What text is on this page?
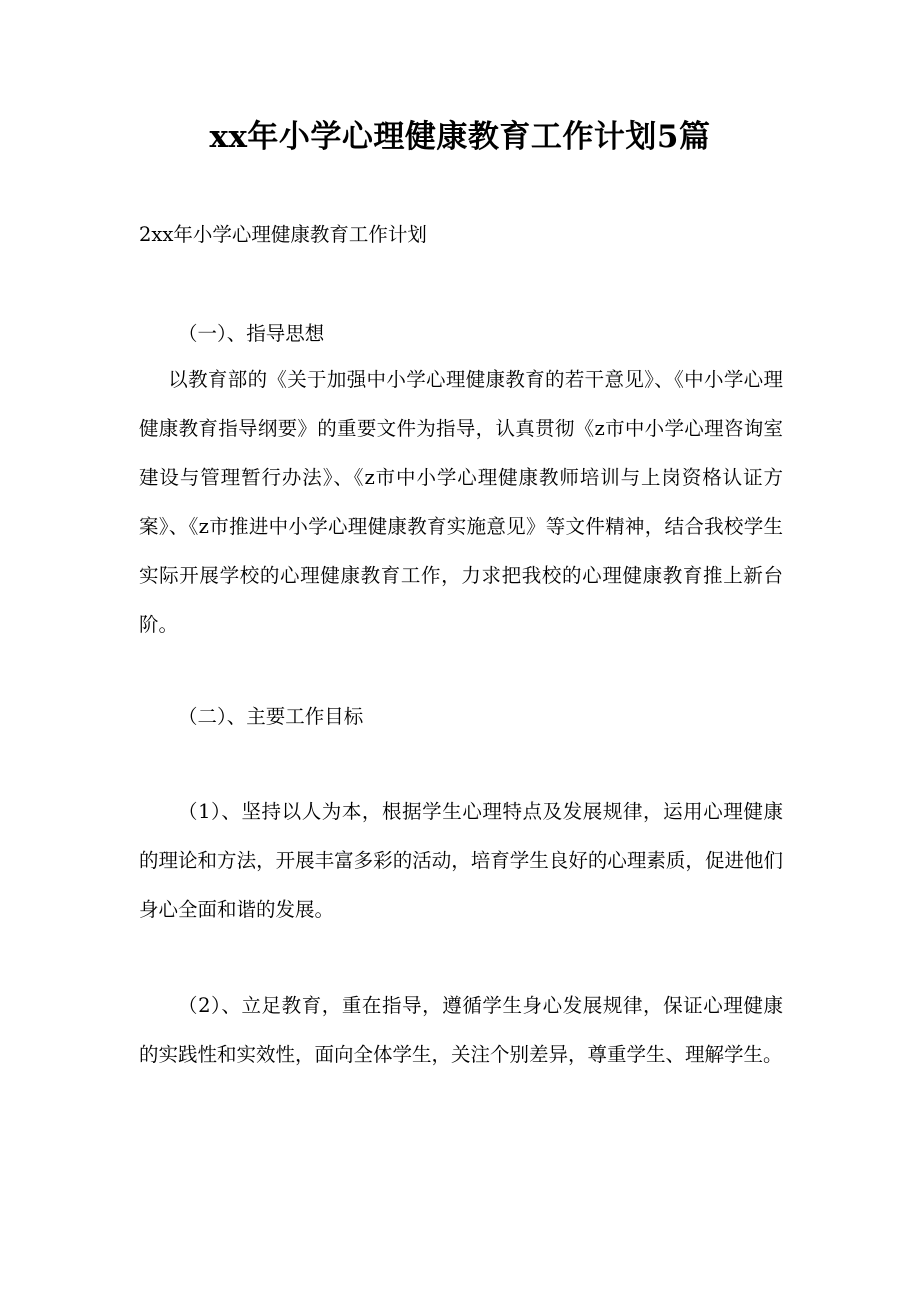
xx年小学心理健康教育工作计划5篇

2xx年小学心理健康教育工作计划

（一）、指导思想

以教育部的《关于加强中小学心理健康教育的若干意见》、《中小学心理健康教育指导纲要》的重要文件为指导，认真贯彻《z市中小学心理咨询室建设与管理暂行办法》、《z市中小学心理健康教师培训与上岗资格认证方案》、《z市推进中小学心理健康教育实施意见》等文件精神，结合我校学生实际开展学校的心理健康教育工作，力求把我校的心理健康教育推上新台阶。

（二）、主要工作目标

（1）、坚持以人为本，根据学生心理特点及发展规律，运用心理健康的理论和方法，开展丰富多彩的活动，培育学生良好的心理素质，促进他们身心全面和谐的发展。

（2）、立足教育，重在指导，遵循学生身心发展规律，保证心理健康的实践性和实效性，面向全体学生，关注个别差异，尊重学生、理解学生。
